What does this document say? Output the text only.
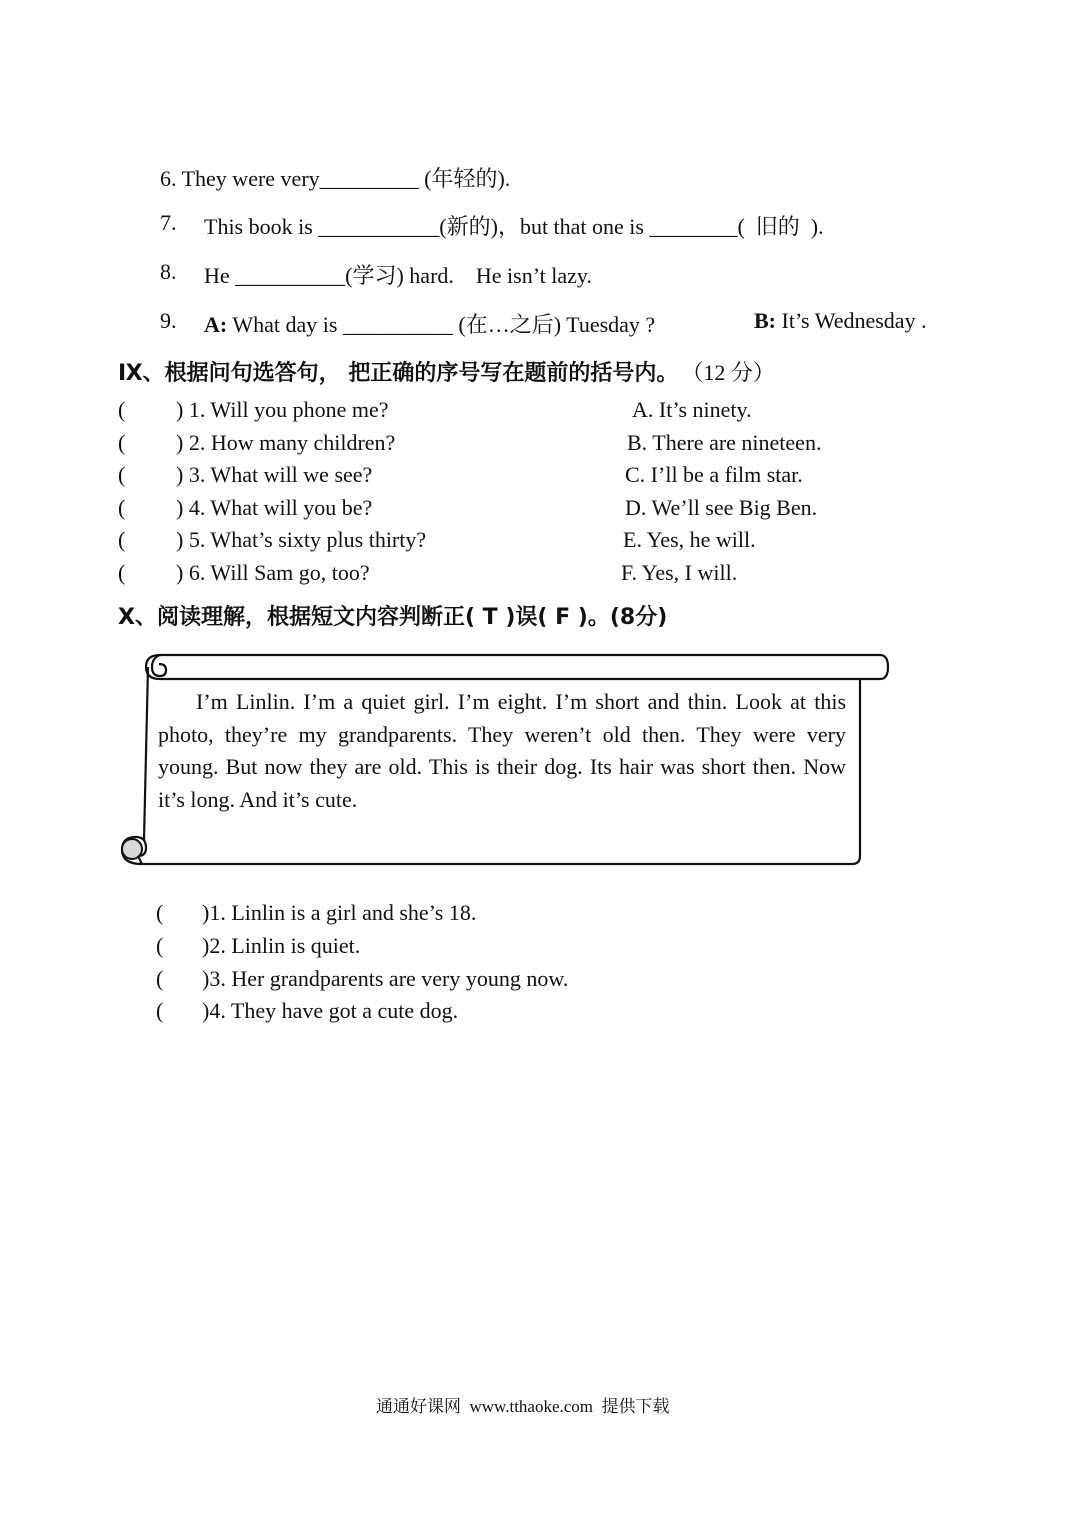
6. They were very_________ (年轻的).
7. This book is ___________(新的)，but that one is ________(  旧的  ).
8. He __________(学习) hard.    He isn’t lazy.
9. A: What day is __________ (在…之后) Tuesday ?	B: It’s Wednesday .
Ⅸ、根据问句选答句， 把正确的序号写在题前的括号内。 （12 分）
( ) 1. Will you phone me?
( ) 2. How many children?
( ) 3. What will we see?
( ) 4. What will you be?
( ) 5. What’s sixty plus thirty?
( ) 6. Will Sam go, too?
A. It’s ninety.
B. There are nineteen.
C. I’ll be a film star.
D. We’ll see Big Ben.
E. Yes, he will.
F. Yes, I will.
Ⅹ、阅读理解，根据短文内容判断正( T )误( F )。(8分)
I’m Linlin. I’m a quiet girl. I’m eight. I’m short and thin. Look at this photo, they’re my grandparents. They weren’t old then. They were very young. But now they are old. This is their dog. Its hair was short then. Now it’s long. And it’s cute.
( )1. Linlin is a girl and she’s 18.
( )2. Linlin is quiet.
( )3. Her grandparents are very young now.
( )4. They have got a cute dog.
通通好课网  www.tthaoke.com  提供下载
